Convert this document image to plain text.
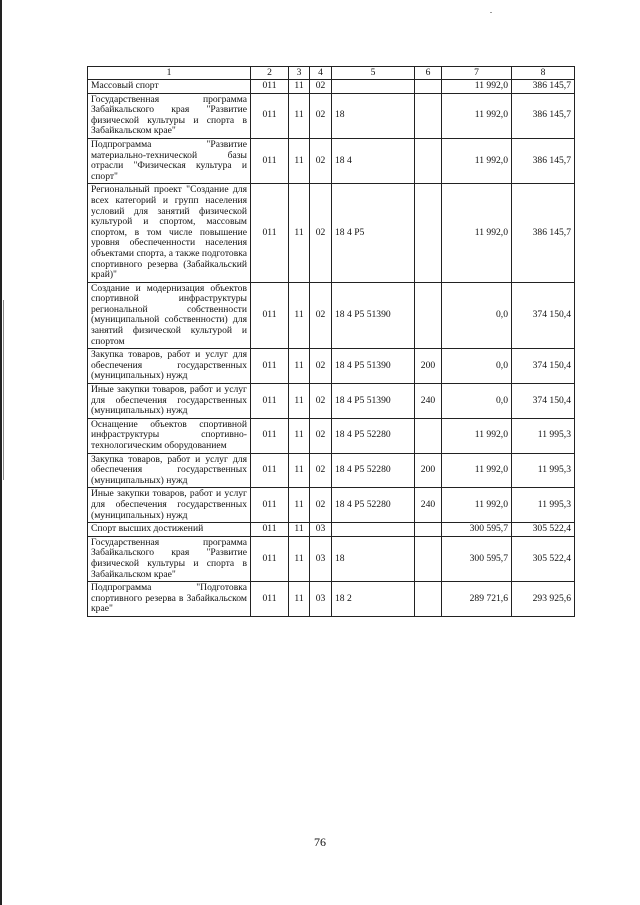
1	2	3	4	5	6	7	8
Массовый спорт	011	11	02			11 992,0	386 145,7
Государственная программа Забайкальского края "Развитие физической культуры и спорта в Забайкальском крае"	011	11	02	18		11 992,0	386 145,7
Подпрограмма "Развитие материально-технической базы отрасли "Физическая культура и спорт"	011	11	02	18 4		11 992,0	386 145,7
Региональный проект "Создание для всех категорий и групп населения условий для занятий физической культурой и спортом, массовым спортом, в том числе повышение уровня обеспеченности населения объектами спорта, а также подготовка спортивного резерва (Забайкальский край)"	011	11	02	18 4 P5		11 992,0	386 145,7
Создание и модернизация объектов спортивной инфраструктуры региональной собственности (муниципальной собственности) для занятий физической культурой и спортом	011	11	02	18 4 P5 51390		0,0	374 150,4
Закупка товаров, работ и услуг для обеспечения государственных (муниципальных) нужд	011	11	02	18 4 P5 51390	200	0,0	374 150,4
Иные закупки товаров, работ и услуг для обеспечения государственных (муниципальных) нужд	011	11	02	18 4 P5 51390	240	0,0	374 150,4
Оснащение объектов спортивной инфраструктуры спортивно-технологическим оборудованием	011	11	02	18 4 P5 52280		11 992,0	11 995,3
Закупка товаров, работ и услуг для обеспечения государственных (муниципальных) нужд	011	11	02	18 4 P5 52280	200	11 992,0	11 995,3
Иные закупки товаров, работ и услуг для обеспечения государственных (муниципальных) нужд	011	11	02	18 4 P5 52280	240	11 992,0	11 995,3
Спорт высших достижений	011	11	03			300 595,7	305 522,4
Государственная программа Забайкальского края "Развитие физической культуры и спорта в Забайкальском крае"	011	11	03	18		300 595,7	305 522,4
Подпрограмма "Подготовка спортивного резерва в Забайкальском крае"	011	11	03	18 2		289 721,6	293 925,6
76
